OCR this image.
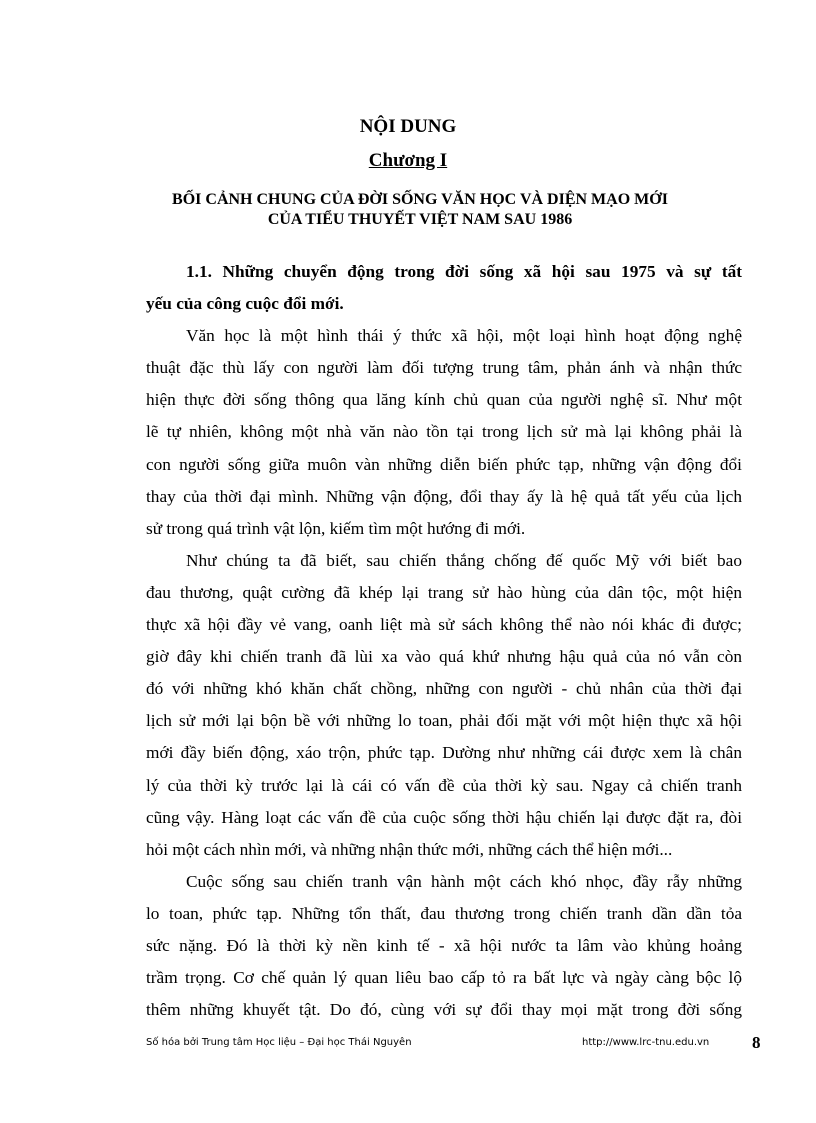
NỘI DUNG
Chương I
BỐI CẢNH CHUNG CỦA ĐỜI SỐNG VĂN HỌC VÀ DIỆN MẠO MỚI
CỦA TIỂU THUYẾT VIỆT NAM SAU 1986
1.1. Những chuyển động trong đời sống xã hội sau 1975 và sự tất
yếu của công cuộc đổi mới.
Văn học là một hình thái ý thức xã hội, một loại hình hoạt động nghệ
thuật đặc thù lấy con người làm đối tượng trung tâm, phản ánh và nhận thức
hiện thực đời sống thông qua lăng kính chủ quan của người nghệ sĩ. Như một
lẽ tự nhiên, không một nhà văn nào tồn tại trong lịch sử mà lại không phải là
con người sống giữa muôn vàn những diễn biến phức tạp, những vận động đổi
thay của thời đại mình. Những vận động, đổi thay ấy là hệ quả tất yếu của lịch
sử trong quá trình vật lộn, kiếm tìm một hướng đi mới.
Như chúng ta đã biết, sau chiến thắng chống đế quốc Mỹ với biết bao
đau thương, quật cường đã khép lại trang sử hào hùng của dân tộc, một hiện
thực xã hội đầy vẻ vang, oanh liệt mà sử sách không thể nào nói khác đi được;
giờ đây khi chiến tranh đã lùi xa vào quá khứ nhưng hậu quả của nó vẫn còn
đó với những khó khăn chất chồng, những con người - chủ nhân của thời đại
lịch sử mới lại bộn bề với những lo toan, phải đối mặt với một hiện thực xã hội
mới đầy biến động, xáo trộn, phức tạp. Dường như những cái được xem là chân
lý của thời kỳ trước lại là cái có vấn đề của thời kỳ sau. Ngay cả chiến tranh
cũng vậy. Hàng loạt các vấn đề của cuộc sống thời hậu chiến lại được đặt ra, đòi
hỏi một cách nhìn mới, và những nhận thức mới, những cách thể hiện mới...
Cuộc sống sau chiến tranh vận hành một cách khó nhọc, đầy rẫy những
lo toan, phức tạp. Những tổn thất, đau thương trong chiến tranh dần dần tỏa
sức nặng. Đó là thời kỳ nền kinh tế - xã hội nước ta lâm vào khủng hoảng
trầm trọng. Cơ chế quản lý quan liêu bao cấp tỏ ra bất lực và ngày càng bộc lộ
thêm những khuyết tật. Do đó, cùng với sự đổi thay mọi mặt trong đời sống
Số hóa bởi Trung tâm Học liệu – Đại học Thái Nguyên	http://www.lrc-tnu.edu.vn	8
